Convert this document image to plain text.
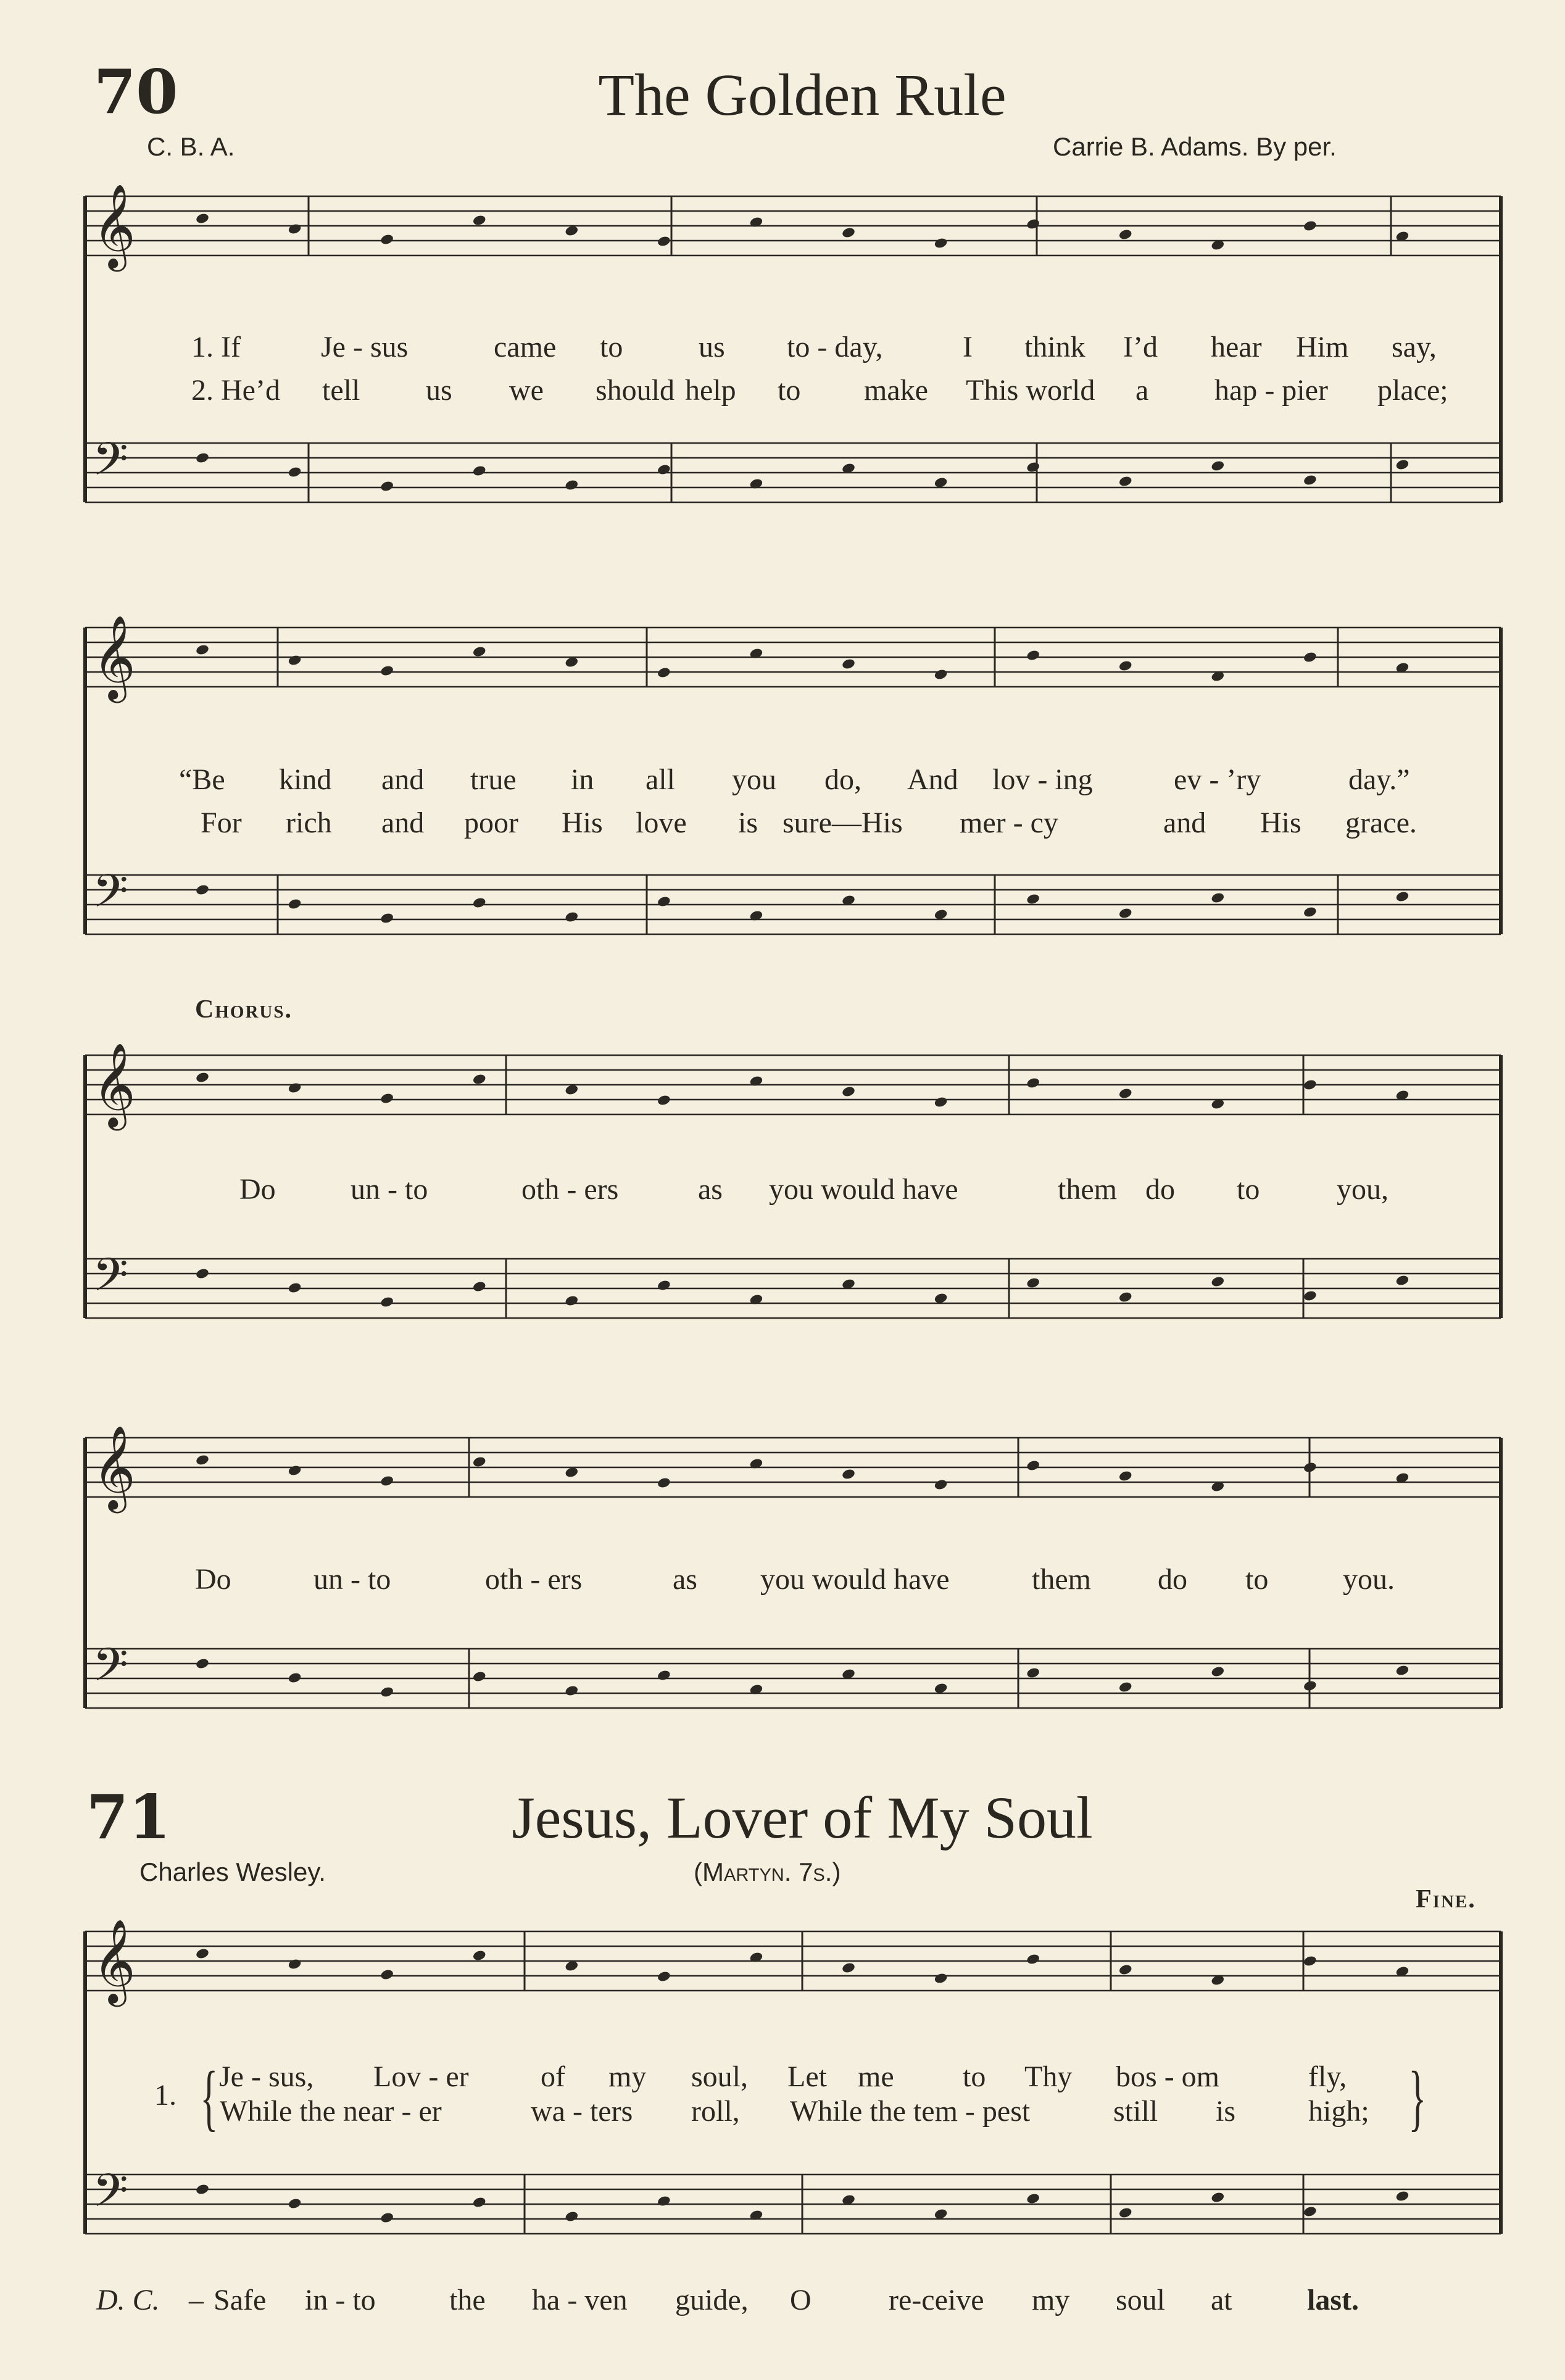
70	The Golden Rule
C. B. A.	Carrie B. Adams. By per.
𝄞
𝄢
𝄞
𝄢
𝄞
𝄢
𝄞
𝄢
𝄞
𝄢
1. If	Je - sus	came to	us to - day,	I think I’d hear Him say,
2. He’d tell us we should help to make This world a hap - pier place;
“Be kind and true in all you do, And lov - ing	ev - ’ry	day.”
For rich and poor His love is sure—His mer - cy	and His grace.
Chorus.
Do	un - to	oth - ers	as you would have	them do to	you,
Do	un - to	oth - ers	as you would have	them do to	you.
71	Jesus, Lover of My Soul
Charles Wesley.	(Martyn. 7s.)
Fine.
1. { Je - sus, Lov - er of my soul, Let me to Thy bos - om	fly,
While the near - er	wa - ters roll, While the tem - pest	still is high; }
D. C. – Safe in - to the ha - ven guide, O	re-ceive my soul at	last.
